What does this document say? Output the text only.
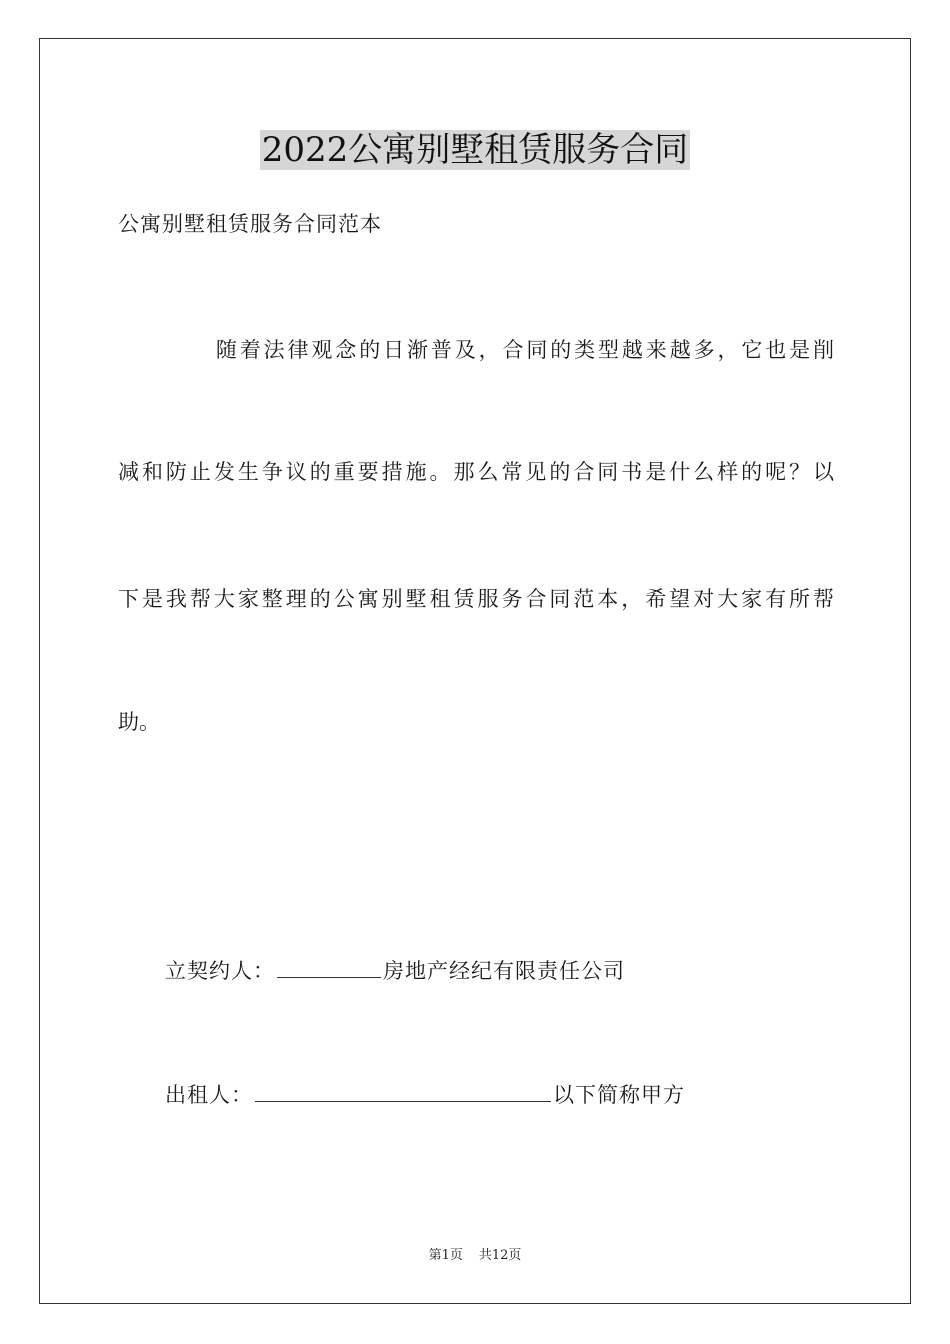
2022公寓别墅租赁服务合同
公寓别墅租赁服务合同范本
随着法律观念的日渐普及，合同的类型越来越多，它也是削
减和防止发生争议的重要措施。那么常见的合同书是什么样的呢？以
下是我帮大家整理的公寓别墅租赁服务合同范本，希望对大家有所帮
助。
立契约人：	房地产经纪有限责任公司
出租人：	以下简称甲方
第1页 共12页
